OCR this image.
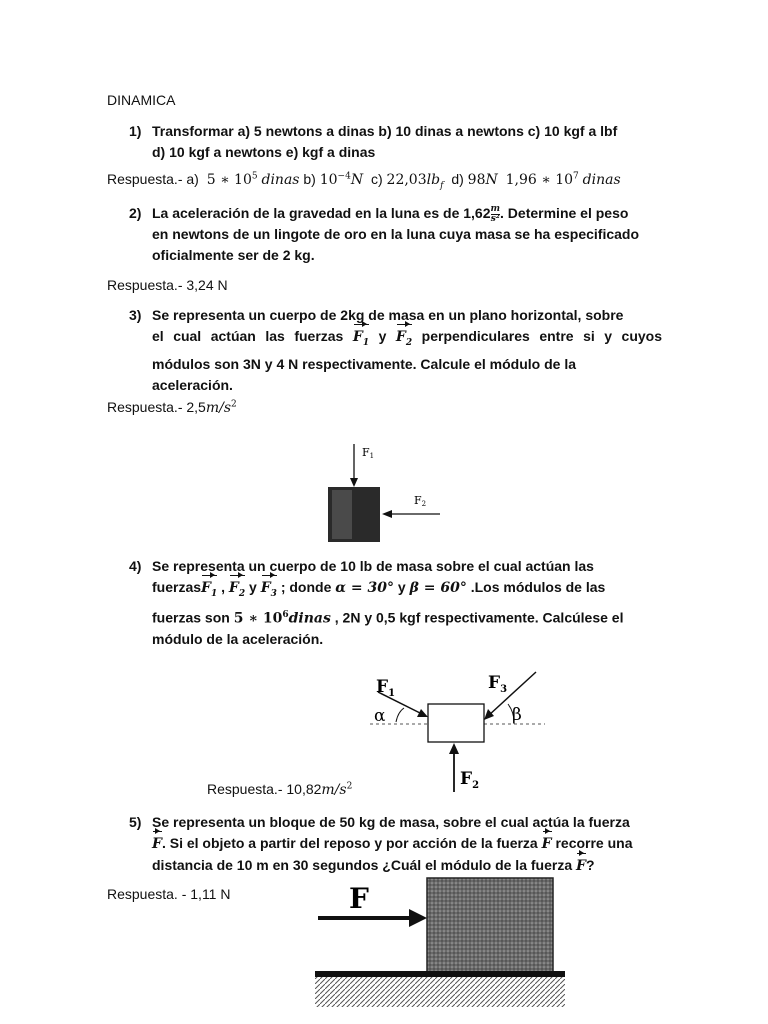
DINAMICA
1) Transformar a) 5 newtons a dinas b) 10 dinas a newtons c) 10 kgf a lbf
d) 10 kgf a newtons e) kgf a dinas
Respuesta.- a) 5 ∗ $10^5$ dinas b) $10^{-4}N$ c) $22,03lb_f$ d) 98N 1,96 ∗ $10^7$ dinas
2) La aceleración de la gravedad en la luna es de $1,62 \frac{m}{\text{s²}}$ . Determine el peso
en newtons de un lingote de oro en la luna cuya masa se ha especificado
oficialmente ser de 2 kg.
Respuesta.- 3,24 N
3) Se representa un cuerpo de 2kg de masa en un plano horizontal, sobre
el cual actúan las fuerzas $F_1$ y $F_2$ perpendiculares entre si y cuyos
módulos son 3N y 4 N respectivamente. Calcule el módulo de la
aceleración.
Respuesta.- $2,5m/s^2$
F1
F2
4) Se representa un cuerpo de 10 lb de masa sobre el cual actúan las
fuerzasF$_1$ , $F_2$ y $F_3$ ; donde α = 30° y β = 60° .Los módulos de las
fuerzas son 5 ∗ $10^6dinas$ , 2N y 0,5 kgf respectivamente. Calcúlese el
módulo de la aceleración.
$F_1$
α
$F_3$
β
$F_2$
Respuesta.- $10,82m/s^2$
5) Se representa un bloque de 50 kg de masa, sobre el cual actúa la fuerza
F. Si el objeto a partir del reposo y por acción de la fuerza F recorre una
distancia de 10 m en 30 segundos ¿Cuál el módulo de la fuerza F?
Respuesta. - 1,11 N	F
